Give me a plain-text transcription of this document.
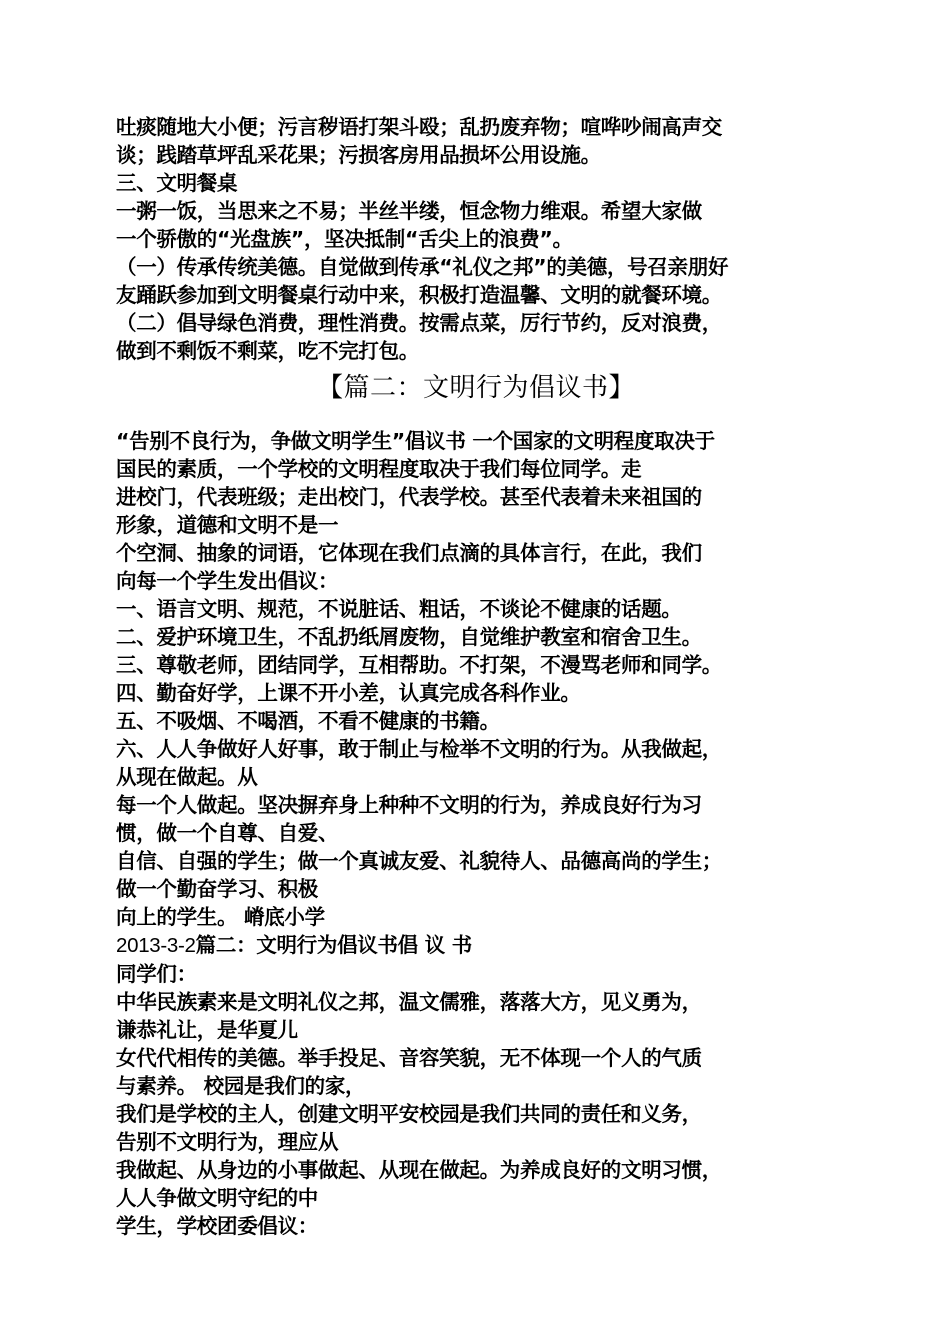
吐痰随地大小便；污言秽语打架斗殴；乱扔废弃物；喧哗吵闹高声交
谈；践踏草坪乱采花果；污损客房用品损坏公用设施。
三、文明餐桌
一粥一饭，当思来之不易；半丝半缕，恒念物力维艰。希望大家做
一个骄傲的“光盘族”，坚决抵制“舌尖上的浪费”。
（一）传承传统美德。自觉做到传承“礼仪之邦”的美德，号召亲朋好
友踊跃参加到文明餐桌行动中来，积极打造温馨、文明的就餐环境。
（二）倡导绿色消费，理性消费。按需点菜，厉行节约，反对浪费，
做到不剩饭不剩菜，吃不完打包。
【篇二：文明行为倡议书】
“告别不良行为，争做文明学生”倡议书 一个国家的文明程度取决于
国民的素质，一个学校的文明程度取决于我们每位同学。走
进校门，代表班级；走出校门，代表学校。甚至代表着未来祖国的
形象，道德和文明不是一
个空洞、抽象的词语，它体现在我们点滴的具体言行，在此，我们
向每一个学生发出倡议：
一、语言文明、规范，不说脏话、粗话，不谈论不健康的话题。
二、爱护环境卫生，不乱扔纸屑废物，自觉维护教室和宿舍卫生。
三、尊敬老师，团结同学，互相帮助。不打架，不漫骂老师和同学。
四、勤奋好学，上课不开小差，认真完成各科作业。
五、不吸烟、不喝酒，不看不健康的书籍。
六、人人争做好人好事，敢于制止与检举不文明的行为。从我做起，
从现在做起。从
每一个人做起。坚决摒弃身上种种不文明的行为，养成良好行为习
惯，做一个自尊、自爱、
自信、自强的学生；做一个真诚友爱、礼貌待人、品德高尚的学生；
做一个勤奋学习、积极
向上的学生。 嵴底小学
2013-3-2篇二：文明行为倡议书倡 议 书
同学们：
中华民族素来是文明礼仪之邦，温文儒雅，落落大方，见义勇为，
谦恭礼让，是华夏儿
女代代相传的美德。举手投足、音容笑貌，无不体现一个人的气质
与素养。 校园是我们的家，
我们是学校的主人，创建文明平安校园是我们共同的责任和义务，
告别不文明行为，理应从
我做起、从身边的小事做起、从现在做起。为养成良好的文明习惯，
人人争做文明守纪的中
学生，学校团委倡议：
